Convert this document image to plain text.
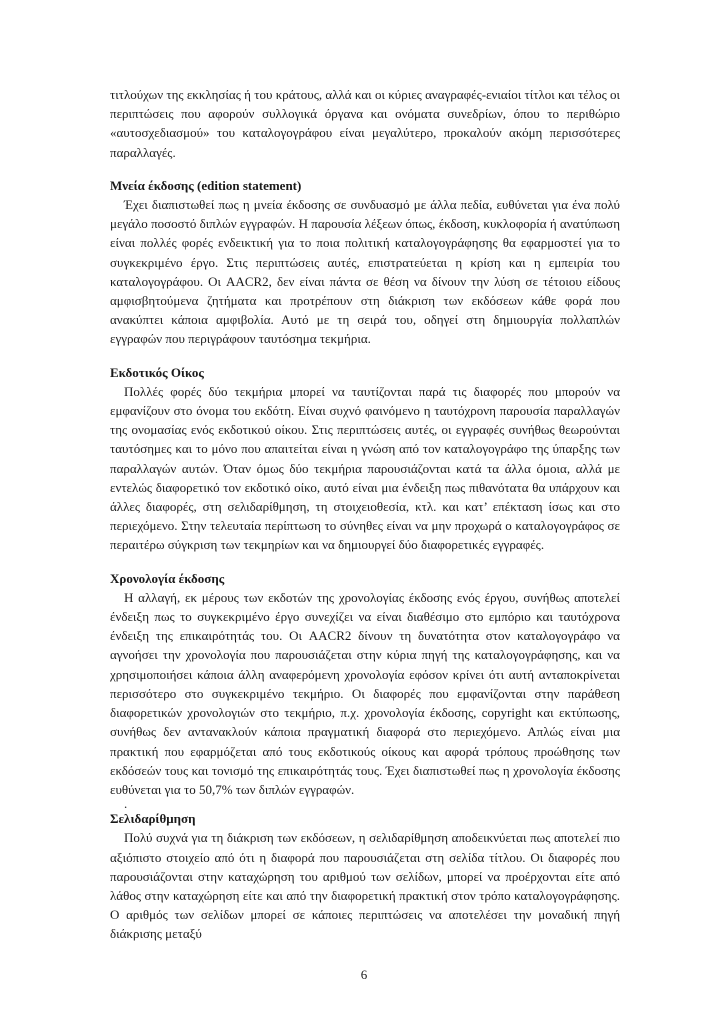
τιτλούχων της εκκλησίας ή του κράτους, αλλά και οι κύριες αναγραφές-ενιαίοι τίτλοι και τέλος οι περιπτώσεις που αφορούν συλλογικά όργανα και ονόματα συνεδρίων, όπου το περιθώριο «αυτοσχεδιασμού» του καταλογογράφου είναι μεγαλύτερο, προκαλούν ακόμη περισσότερες παραλλαγές.

Μνεία έκδοσης (edition statement)

Έχει διαπιστωθεί πως η μνεία έκδοσης σε συνδυασμό με άλλα πεδία, ευθύνεται για ένα πολύ μεγάλο ποσοστό διπλών εγγραφών. Η παρουσία λέξεων όπως, έκδοση, κυκλοφορία ή ανατύπωση είναι πολλές φορές ενδεικτική για το ποια πολιτική καταλογογράφησης θα εφαρμοστεί για το συγκεκριμένο έργο. Στις περιπτώσεις αυτές, επιστρατεύεται η κρίση και η εμπειρία του καταλογογράφου. Οι AACR2, δεν είναι πάντα σε θέση να δίνουν την λύση σε τέτοιου είδους αμφισβητούμενα ζητήματα και προτρέπουν στη διάκριση των εκδόσεων κάθε φορά που ανακύπτει κάποια αμφιβολία. Αυτό με τη σειρά του, οδηγεί στη δημιουργία πολλαπλών εγγραφών που περιγράφουν ταυτόσημα τεκμήρια.

Εκδοτικός Οίκος

Πολλές φορές δύο τεκμήρια μπορεί να ταυτίζονται παρά τις διαφορές που μπορούν να εμφανίζουν στο όνομα του εκδότη. Είναι συχνό φαινόμενο η ταυτόχρονη παρουσία παραλλαγών της ονομασίας ενός εκδοτικού οίκου. Στις περιπτώσεις αυτές, οι εγγραφές συνήθως θεωρούνται ταυτόσημες και το μόνο που απαιτείται είναι η γνώση από τον καταλογογράφο της ύπαρξης των παραλλαγών αυτών. Όταν όμως δύο τεκμήρια παρουσιάζονται κατά τα άλλα όμοια, αλλά με εντελώς διαφορετικό τον εκδοτικό οίκο, αυτό είναι μια ένδειξη πως πιθανότατα θα υπάρχουν και άλλες διαφορές, στη σελιδαρίθμηση, τη στοιχειοθεσία, κτλ. και κατ’ επέκταση ίσως και στο περιεχόμενο. Στην τελευταία περίπτωση το σύνηθες είναι να μην προχωρά ο καταλογογράφος σε περαιτέρω σύγκριση των τεκμηρίων και να δημιουργεί δύο διαφορετικές εγγραφές.

Χρονολογία έκδοσης

Η αλλαγή, εκ μέρους των εκδοτών της χρονολογίας έκδοσης ενός έργου, συνήθως αποτελεί ένδειξη πως το συγκεκριμένο έργο συνεχίζει να είναι διαθέσιμο στο εμπόριο και ταυτόχρονα ένδειξη της επικαιρότητάς του. Οι AACR2 δίνουν τη δυνατότητα στον καταλογογράφο να αγνοήσει την χρονολογία που παρουσιάζεται στην κύρια πηγή της καταλογογράφησης, και να χρησιμοποιήσει κάποια άλλη αναφερόμενη χρονολογία εφόσον κρίνει ότι αυτή ανταποκρίνεται περισσότερο στο συγκεκριμένο τεκμήριο. Οι διαφορές που εμφανίζονται στην παράθεση διαφορετικών χρονολογιών στο τεκμήριο, π.χ. χρονολογία έκδοσης, copyright και εκτύπωσης, συνήθως δεν αντανακλούν κάποια πραγματική διαφορά στο περιεχόμενο. Απλώς είναι μια πρακτική που εφαρμόζεται από τους εκδοτικούς οίκους και αφορά τρόπους προώθησης των εκδόσεών τους και τονισμό της επικαιρότητάς τους. Έχει διαπιστωθεί πως η χρονολογία έκδοσης ευθύνεται για το 50,7% των διπλών εγγραφών.

.
Σελιδαρίθμηση

Πολύ συχνά για τη διάκριση των εκδόσεων, η σελιδαρίθμηση αποδεικνύεται πως αποτελεί πιο αξιόπιστο στοιχείο από ότι η διαφορά που παρουσιάζεται στη σελίδα τίτλου. Οι διαφορές που παρουσιάζονται στην καταχώρηση του αριθμού των σελίδων, μπορεί να προέρχονται είτε από λάθος στην καταχώρηση είτε και από την διαφορετική πρακτική στον τρόπο καταλογογράφησης. Ο αριθμός των σελίδων μπορεί σε κάποιες περιπτώσεις να αποτελέσει την μοναδική πηγή διάκρισης μεταξύ

6
